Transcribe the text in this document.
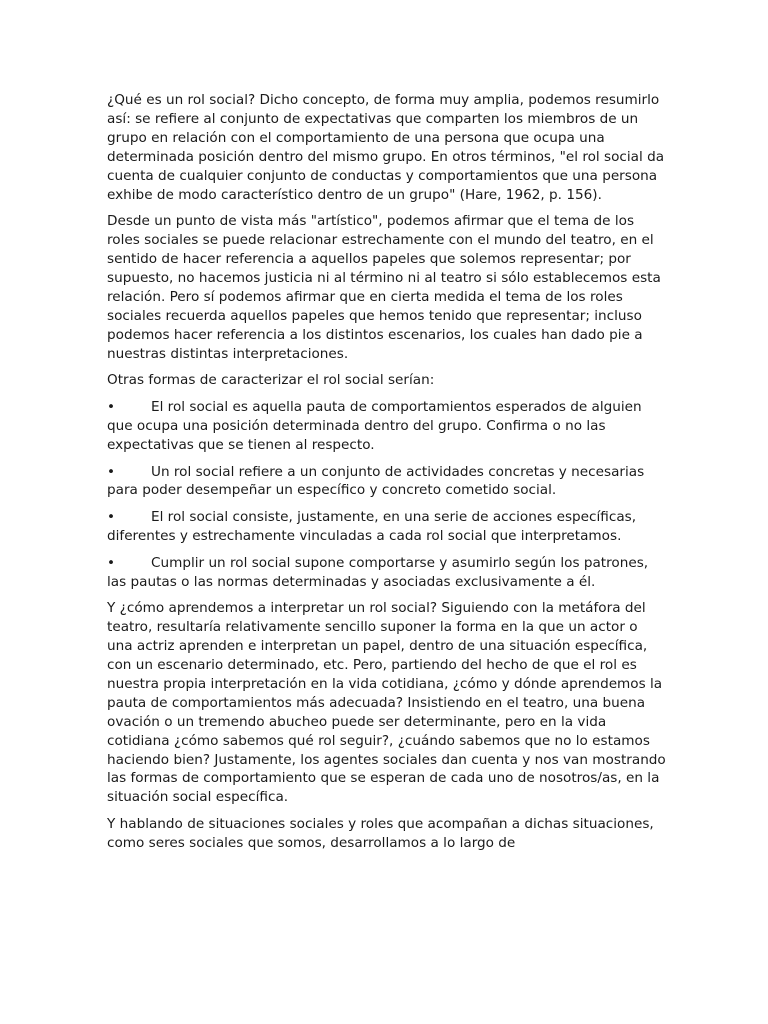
¿Qué es un rol social? Dicho concepto, de forma muy amplia, podemos resumirlo así: se refiere al conjunto de expectativas que comparten los miembros de un grupo en relación con el comportamiento de una persona que ocupa una determinada posición dentro del mismo grupo. En otros términos, "el rol social da cuenta de cualquier conjunto de conductas y comportamientos que una persona exhibe de modo característico dentro de un grupo" (Hare, 1962, p. 156).

Desde un punto de vista más "artístico", podemos afirmar que el tema de los roles sociales se puede relacionar estrechamente con el mundo del teatro, en el sentido de hacer referencia a aquellos papeles que solemos representar; por supuesto, no hacemos justicia ni al término ni al teatro si sólo establecemos esta relación. Pero sí podemos afirmar que en cierta medida el tema de los roles sociales recuerda aquellos papeles que hemos tenido que representar; incluso podemos hacer referencia a los distintos escenarios, los cuales han dado pie a nuestras distintas interpretaciones.

Otras formas de caracterizar el rol social serían:

•	El rol social es aquella pauta de comportamientos esperados de alguien que ocupa una posición determinada dentro del grupo. Confirma o no las expectativas que se tienen al respecto.
•	Un rol social refiere a un conjunto de actividades concretas y necesarias para poder desempeñar un específico y concreto cometido social.
•	El rol social consiste, justamente, en una serie de acciones específicas, diferentes y estrechamente vinculadas a cada rol social que interpretamos.
•	Cumplir un rol social supone comportarse y asumirlo según los patrones, las pautas o las normas determinadas y asociadas exclusivamente a él.

Y ¿cómo aprendemos a interpretar un rol social? Siguiendo con la metáfora del teatro, resultaría relativamente sencillo suponer la forma en la que un actor o una actriz aprenden e interpretan un papel, dentro de una situación específica, con un escenario determinado, etc. Pero, partiendo del hecho de que el rol es nuestra propia interpretación en la vida cotidiana, ¿cómo y dónde aprendemos la pauta de comportamientos más adecuada? Insistiendo en el teatro, una buena ovación o un tremendo abucheo puede ser determinante, pero en la vida cotidiana ¿cómo sabemos qué rol seguir?, ¿cuándo sabemos que no lo estamos haciendo bien? Justamente, los agentes sociales dan cuenta y nos van mostrando las formas de comportamiento que se esperan de cada uno de nosotros/as, en la situación social específica.

Y hablando de situaciones sociales y roles que acompañan a dichas situaciones, como seres sociales que somos, desarrollamos a lo largo de
